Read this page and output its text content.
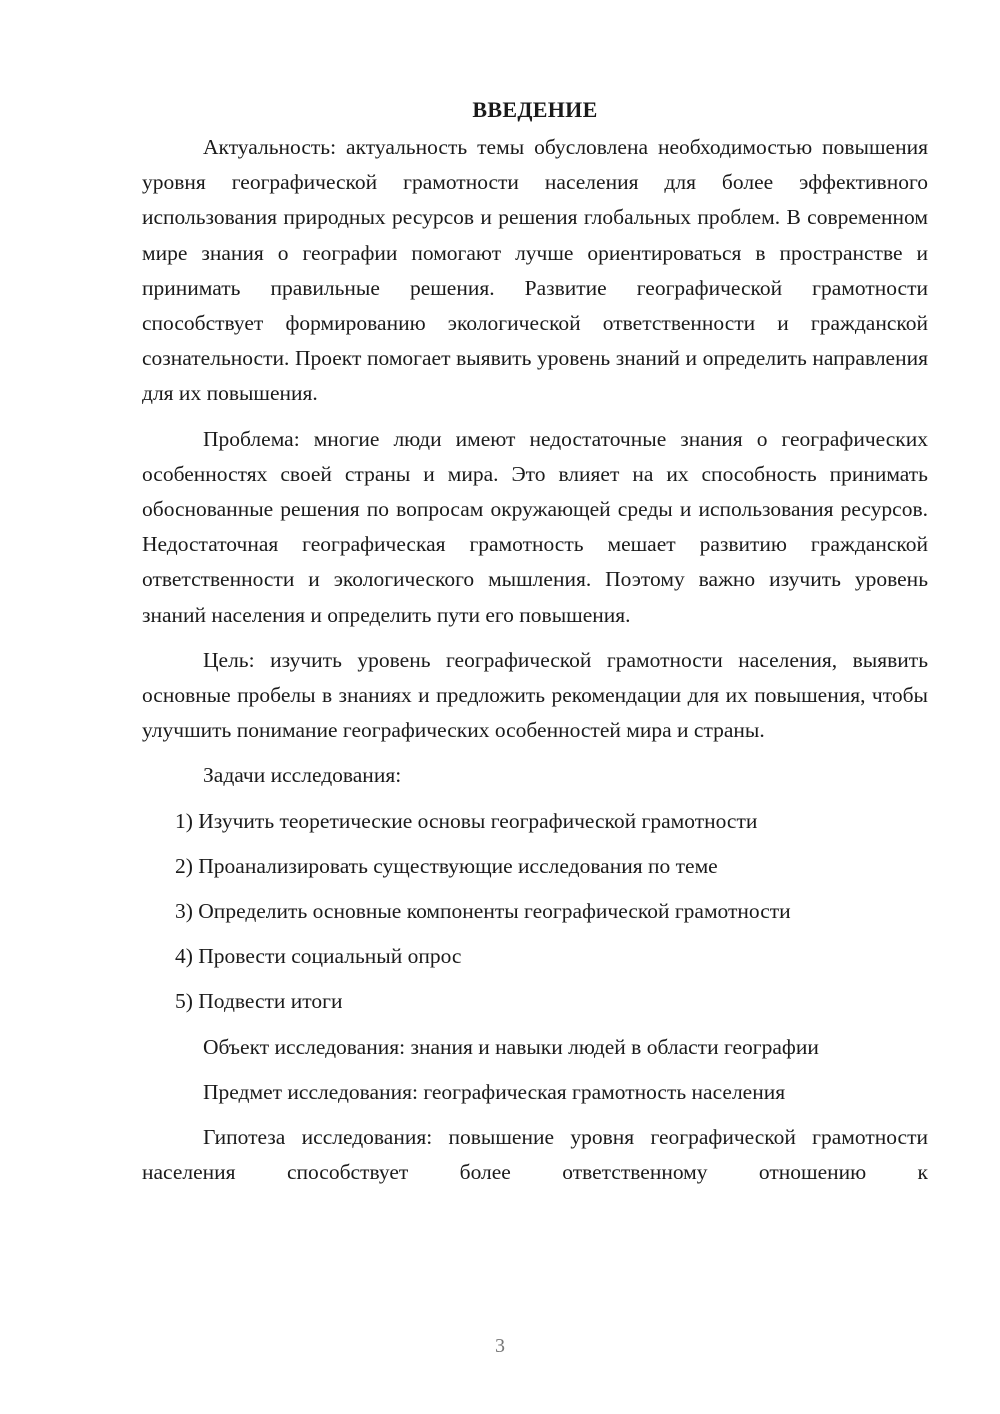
ВВЕДЕНИЕ

Актуальность: актуальность темы обусловлена необходимостью повышения уровня географической грамотности населения для более эффективного использования природных ресурсов и решения глобальных проблем. В современном мире знания о географии помогают лучше ориентироваться в пространстве и принимать правильные решения. Развитие географической грамотности способствует формированию экологической ответственности и гражданской сознательности. Проект помогает выявить уровень знаний и определить направления для их повышения.

Проблема: многие люди имеют недостаточные знания о географических особенностях своей страны и мира. Это влияет на их способность принимать обоснованные решения по вопросам окружающей среды и использования ресурсов. Недостаточная географическая грамотность мешает развитию гражданской ответственности и экологического мышления. Поэтому важно изучить уровень знаний населения и определить пути его повышения.

Цель: изучить уровень географической грамотности населения, выявить основные пробелы в знаниях и предложить рекомендации для их повышения, чтобы улучшить понимание географических особенностей мира и страны.

Задачи исследования:

1) Изучить теоретические основы географической грамотности
2) Проанализировать существующие исследования по теме
3) Определить основные компоненты географической грамотности
4) Провести социальный опрос
5) Подвести итоги

Объект исследования: знания и навыки людей в области географии

Предмет исследования: географическая грамотность населения

Гипотеза исследования: повышение уровня географической грамотности населения способствует более ответственному отношению к

3
